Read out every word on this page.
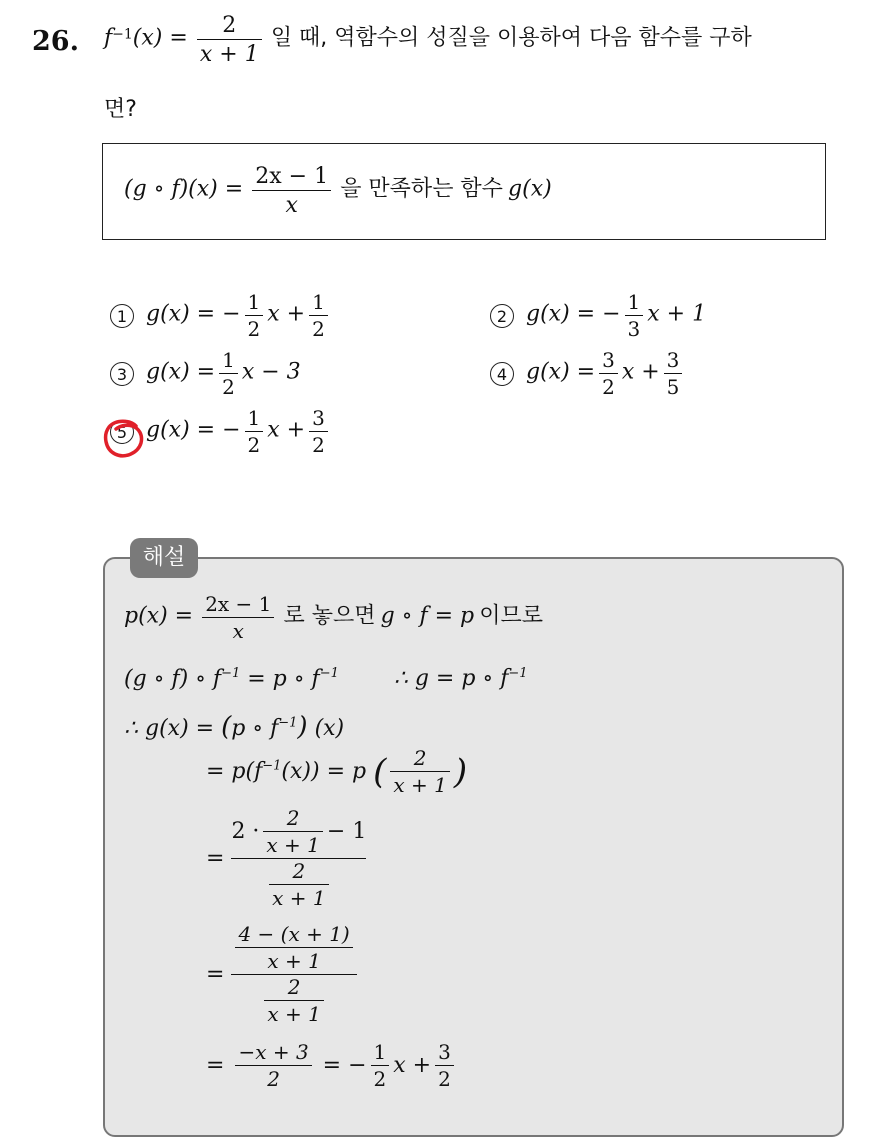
26. $f^{-1}(x) = \frac{2}{x + 1}$ 일 때, 역함수의 성질을 이용하여 다음 함수를 구하
면?
(g ∘ $f)(x) = \frac{2x - 1}{x}$ 을 만족하는 함수 g(x)
1 g(x) = − $\frac{1}{2}$ $x + \frac{1}{2}$	2 g(x) = − $\frac{1}{3}$ x + 1
3 $g(x) = \frac{1}{2}$ x − 3	4 $g(x) = \frac{3}{2}$ $x + \frac{3}{5}$
5 g(x) = − $\frac{1}{2}$ $x + \frac{3}{2}$
해설
$p(x) = \frac{2x - 1}{x}$ 로 놓으면 g ∘ f = p 이므로
(g ∘ f) ∘ $f^{-1} = p$ ∘ $f^{-1}$	∴ g = p ∘ $f^{-1}$
∴ g(x) = (p ∘ $f^{-1}$) (x)
= $p(f^{-1}(x)) = p$ ( $\frac{2}{x + 1}$ )
= $\frac{2 \cdot \frac{2}{x + 1} - 1}{\frac{2}{x + 1}}$
= $\frac{\frac{4 - (x + 1)}{x + 1}}{\frac{2}{x + 1}}$
= $\frac{-x + 3}{2}$ = − $\frac{1}{2}$ $x + \frac{3}{2}$
